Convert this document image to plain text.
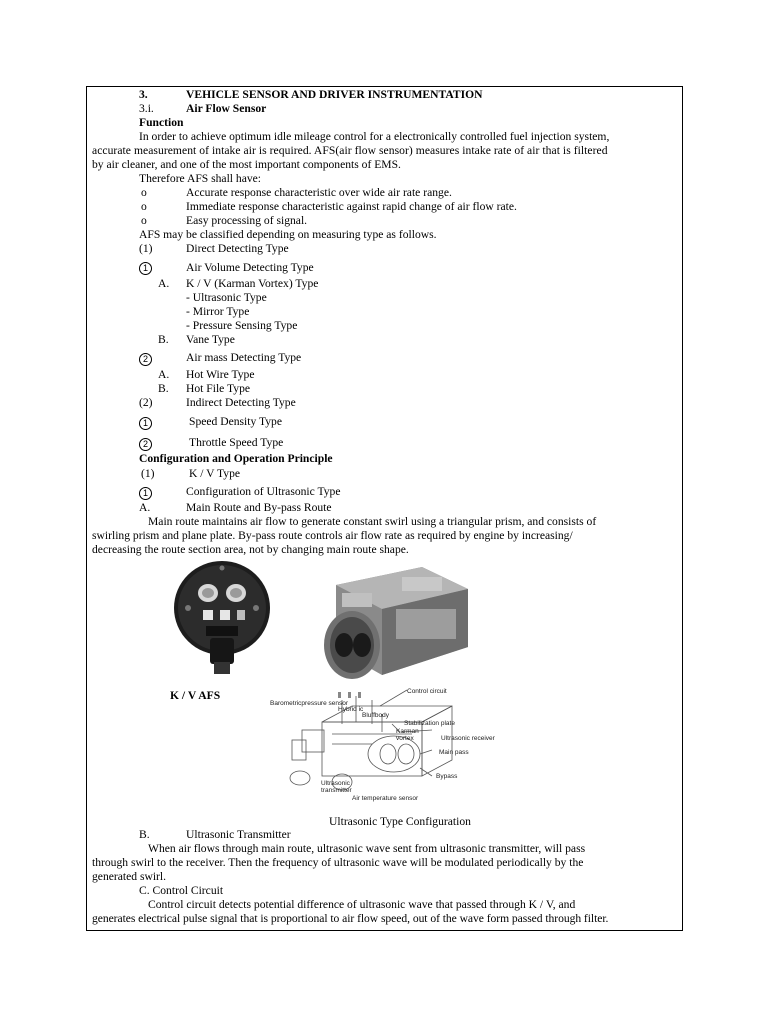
3.	VEHICLE SENSOR AND DRIVER INSTRUMENTATION
3.i.	Air Flow Sensor
Function
In order to achieve optimum idle mileage control for a electronically controlled fuel injection system,
accurate measurement of intake air is required. AFS(air flow sensor) measures intake rate of air that is filtered
by air cleaner, and one of the most important components of EMS.
Therefore AFS shall have:
o	Accurate response characteristic over wide air rate range.
o	Immediate response characteristic against rapid change of air flow rate.
o	Easy processing of signal.
AFS may be classified depending on measuring type as follows.
(1)	Direct Detecting Type
1	Air Volume Detecting Type
A. K / V (Karman Vortex) Type
- Ultrasonic Type
- Mirror Type
- Pressure Sensing Type
B. Vane Type
2	Air mass Detecting Type
A. Hot Wire Type
B. Hot File Type
(2)	Indirect Detecting Type
1	Speed Density Type
2	Throttle Speed Type
Configuration and Operation Principle
(1)	K / V Type
1	Configuration of Ultrasonic Type
A.	Main Route and By-pass Route
Main route maintains air flow to generate constant swirl using a triangular prism, and consists of
swirling prism and plane plate. By-pass route controls air flow rate as required by engine by increasing/
decreasing the route section area, not by changing main route shape.
K / V AFS	Control circuit
Barometricpressure sensor
Hybrid ic
Bluffbody
Stabilization plate
Karman vortex	Ultrasonic receiver
Main pass
Bypass
Ultrasonic transmitter
Air temperature sensor
Ultrasonic Type Configuration
B.	Ultrasonic Transmitter
When air flows through main route, ultrasonic wave sent from ultrasonic transmitter, will pass
through swirl to the receiver. Then the frequency of ultrasonic wave will be modulated periodically by the
generated swirl.
C. Control Circuit
Control circuit detects potential difference of ultrasonic wave that passed through K / V, and
generates electrical pulse signal that is proportional to air flow speed, out of the wave form passed through filter.
